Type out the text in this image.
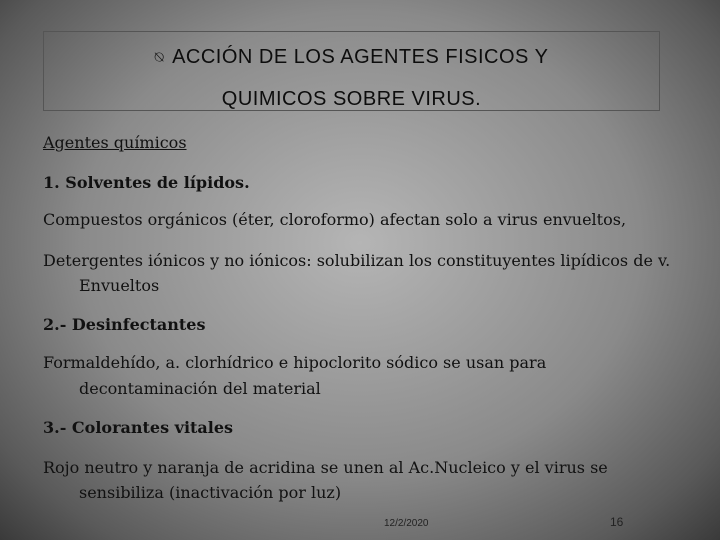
⍉ ACCIÓN DE LOS AGENTES FISICOS Y
QUIMICOS SOBRE VIRUS.
Agentes químicos
1. Solventes de lípidos.
Compuestos orgánicos (éter, cloroformo) afectan solo a virus envueltos,
Detergentes iónicos y no iónicos: solubilizan los constituyentes lipídicos de v.
Envueltos
2.- Desinfectantes
Formaldehído, a. clorhídrico e hipoclorito sódico se usan para
decontaminación del material
3.- Colorantes vitales
Rojo neutro y naranja de acridina se unen al Ac.Nucleico y el virus se
sensibiliza (inactivación por luz)
12/2/2020	16
